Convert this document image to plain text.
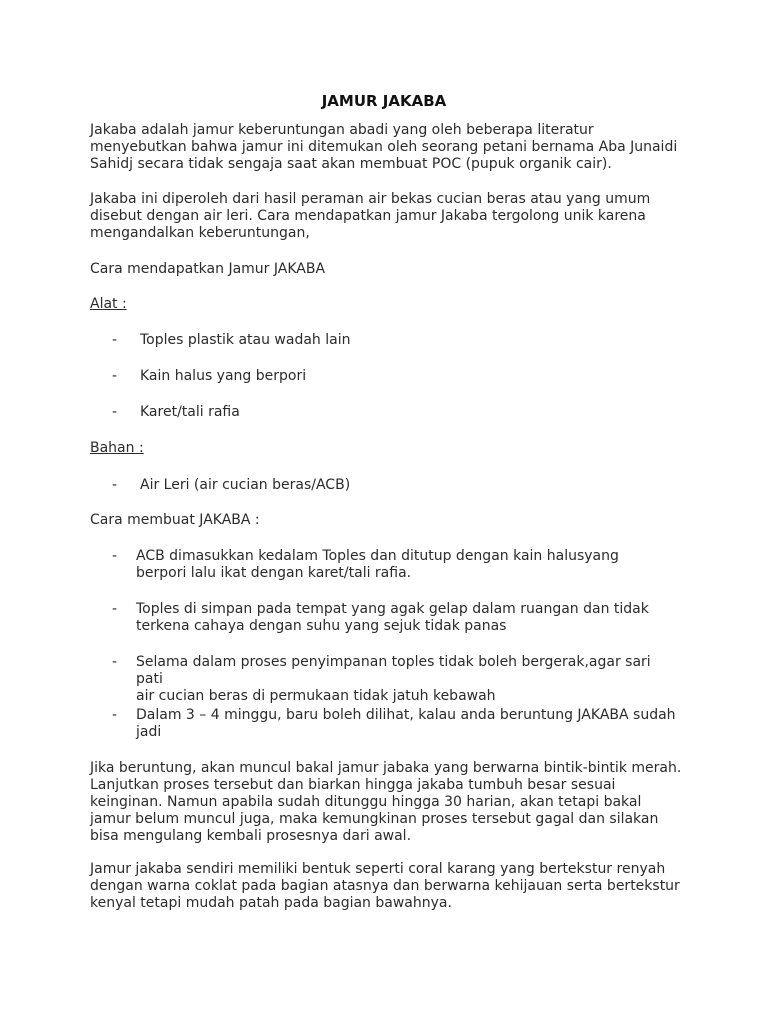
JAMUR JAKABA

Jakaba adalah jamur keberuntungan abadi yang oleh beberapa literatur
menyebutkan bahwa jamur ini ditemukan oleh seorang petani bernama Aba Junaidi
Sahidj secara tidak sengaja saat akan membuat POC (pupuk organik cair).

Jakaba ini diperoleh dari hasil peraman air bekas cucian beras atau yang umum
disebut dengan air leri. Cara mendapatkan jamur Jakaba tergolong unik karena
mengandalkan keberuntungan,

Cara mendapatkan Jamur JAKABA

Alat :

- Toples plastik atau wadah lain
- Kain halus yang berpori
- Karet/tali rafia

Bahan :

- Air Leri (air cucian beras/ACB)

Cara membuat JAKABA :

- ACB dimasukkan kedalam Toples dan ditutup dengan kain halusyang
berpori lalu ikat dengan karet/tali rafia.
- Toples di simpan pada tempat yang agak gelap dalam ruangan dan tidak
terkena cahaya dengan suhu yang sejuk tidak panas
- Selama dalam proses penyimpanan toples tidak boleh bergerak,agar sari pati
air cucian beras di permukaan tidak jatuh kebawah
- Dalam 3 – 4 minggu, baru boleh dilihat, kalau anda beruntung JAKABA sudah
jadi

Jika beruntung, akan muncul bakal jamur jabaka yang berwarna bintik-bintik merah.
Lanjutkan proses tersebut dan biarkan hingga jakaba tumbuh besar sesuai
keinginan. Namun apabila sudah ditunggu hingga 30 harian, akan tetapi bakal
jamur belum muncul juga, maka kemungkinan proses tersebut gagal dan silakan
bisa mengulang kembali prosesnya dari awal.

Jamur jakaba sendiri memiliki bentuk seperti coral karang yang bertekstur renyah
dengan warna coklat pada bagian atasnya dan berwarna kehijauan serta bertekstur
kenyal tetapi mudah patah pada bagian bawahnya.
